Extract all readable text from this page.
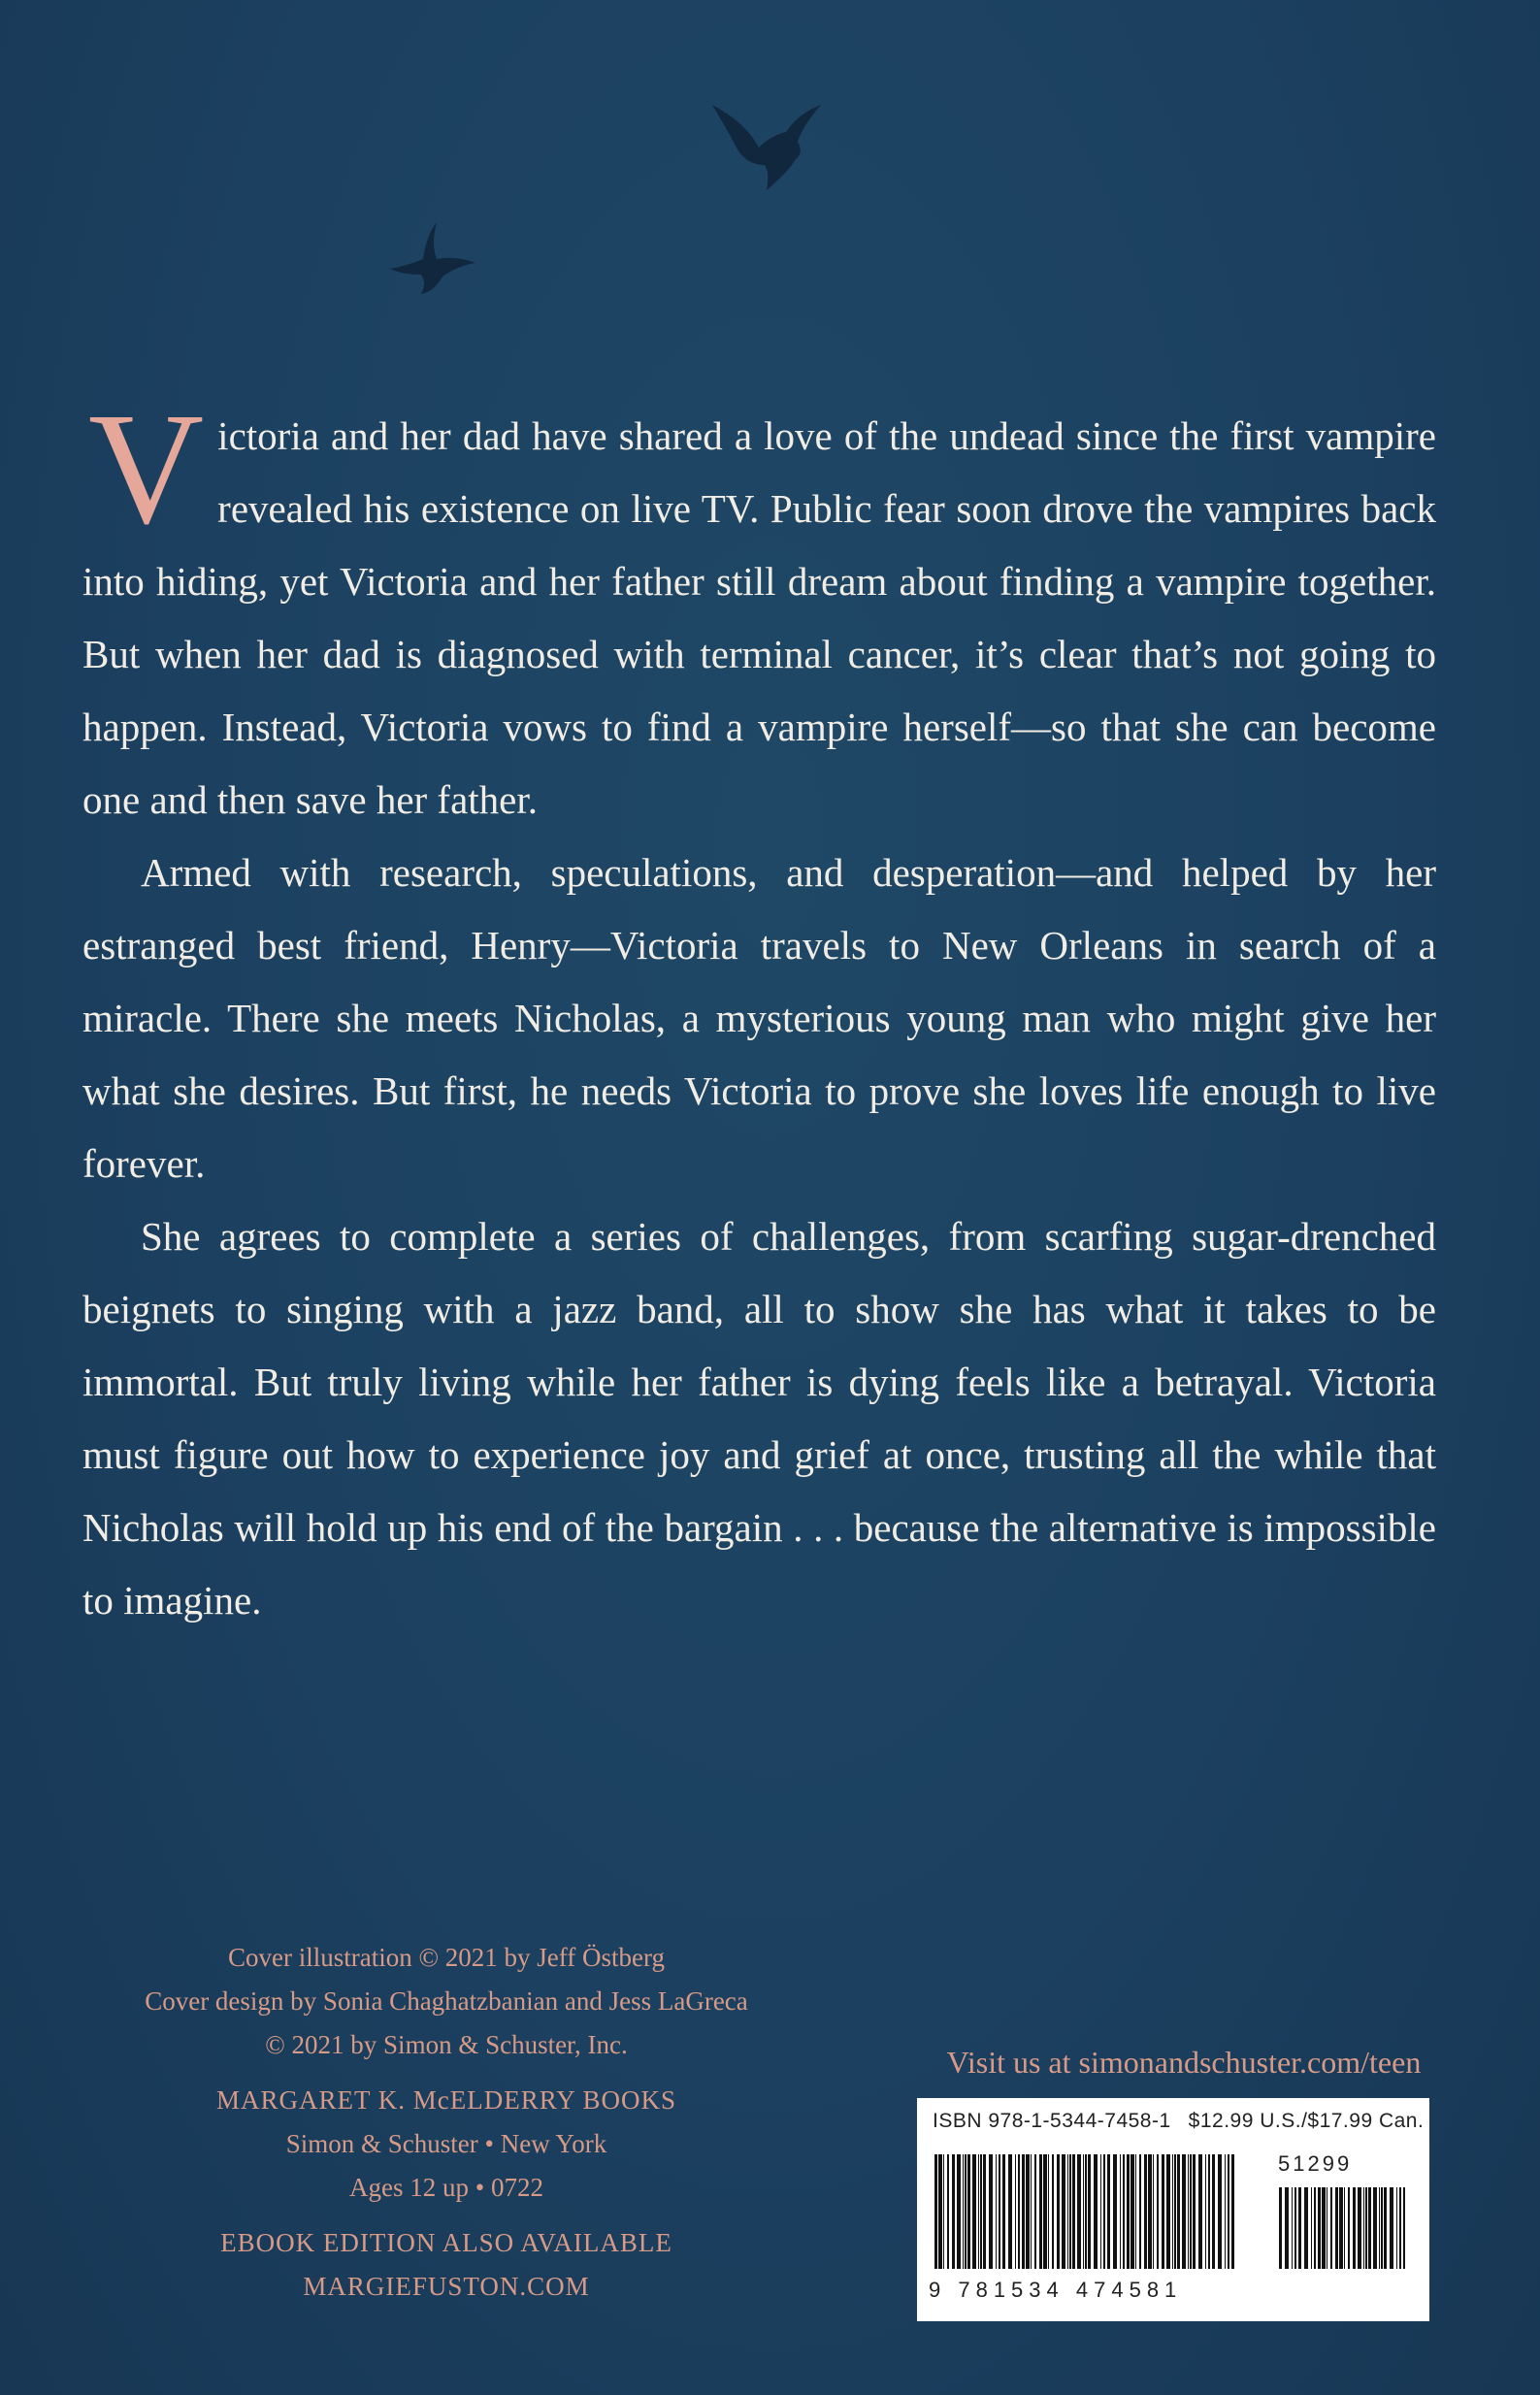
Victoria and her dad have shared a love of the undead since the first vampire revealed his existence on live TV. Public fear soon drove the vampires back into hiding, yet Victoria and her father still dream about finding a vampire together. But when her dad is diagnosed with terminal cancer, it’s clear that’s not going to happen. Instead, Victoria vows to find a vampire herself—so that she can become one and then save her father.

Armed with research, speculations, and desperation—and helped by her estranged best friend, Henry—Victoria travels to New Orleans in search of a miracle. There she meets Nicholas, a mysterious young man who might give her what she desires. But first, he needs Victoria to prove she loves life enough to live forever.

She agrees to complete a series of challenges, from scarfing sugar-drenched beignets to singing with a jazz band, all to show she has what it takes to be immortal. But truly living while her father is dying feels like a betrayal. Victoria must figure out how to experience joy and grief at once, trusting all the while that Nicholas will hold up his end of the bargain . . . because the alternative is impossible to imagine.

Cover illustration © 2021 by Jeff Östberg
Cover design by Sonia Chaghatzbanian and Jess LaGreca
© 2021 by Simon & Schuster, Inc.
MARGARET K. McELDERRY BOOKS
Simon & Schuster • New York
Ages 12 up • 0722
EBOOK EDITION ALSO AVAILABLE
MARGIEFUSTON.COM
Visit us at simonandschuster.com/teen
ISBN 978-1-5344-7458-1 $12.99 U.S./$17.99 Can.
51299
9 781534 474581
